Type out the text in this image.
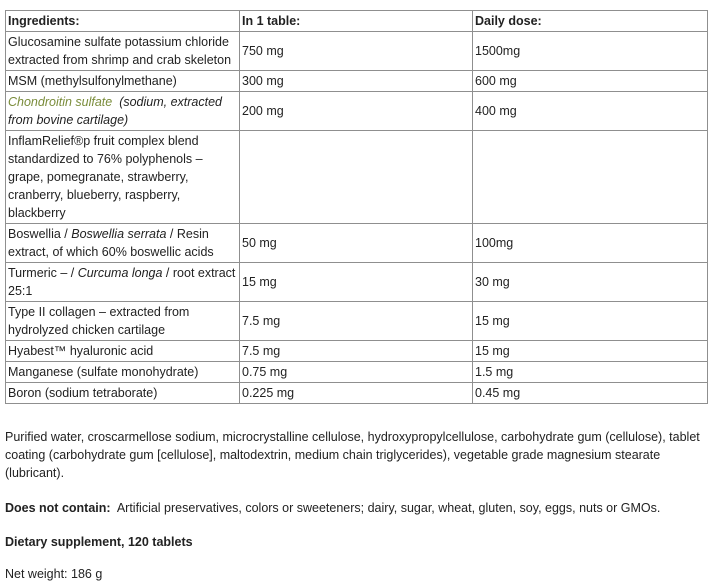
Ingredients:	In 1 table:	Daily dose:
Glucosamine sulfate potassium chloride extracted from shrimp and crab skeleton	750 mg	1500mg
MSM (methylsulfonylmethane)	300 mg	600 mg
Chondroitin sulfate (sodium, extracted from bovine cartilage)	200 mg	400 mg
InflamRelief®p fruit complex blend standardized to 76% polyphenols – grape, pomegranate, strawberry, cranberry, blueberry, raspberry, blackberry		
Boswellia / Boswellia serrata / Resin extract, of which 60% boswellic acids	50 mg	100mg
Turmeric – / Curcuma longa / root extract 25:1	15 mg	30 mg
Type II collagen – extracted from hydrolyzed chicken cartilage	7.5 mg	15 mg
Hyabest™ hyaluronic acid	7.5 mg	15 mg
Manganese (sulfate monohydrate)	0.75 mg	1.5 mg
Boron (sodium tetraborate)	0.225 mg	0.45 mg

Purified water, croscarmellose sodium, microcrystalline cellulose, hydroxypropylcellulose, carbohydrate gum (cellulose), tablet coating (carbohydrate gum [cellulose], maltodextrin, medium chain triglycerides), vegetable grade magnesium stearate (lubricant).

Does not contain: Artificial preservatives, colors or sweeteners; dairy, sugar, wheat, gluten, soy, eggs, nuts or GMOs.

Dietary supplement, 120 tablets

Net weight: 186 g
